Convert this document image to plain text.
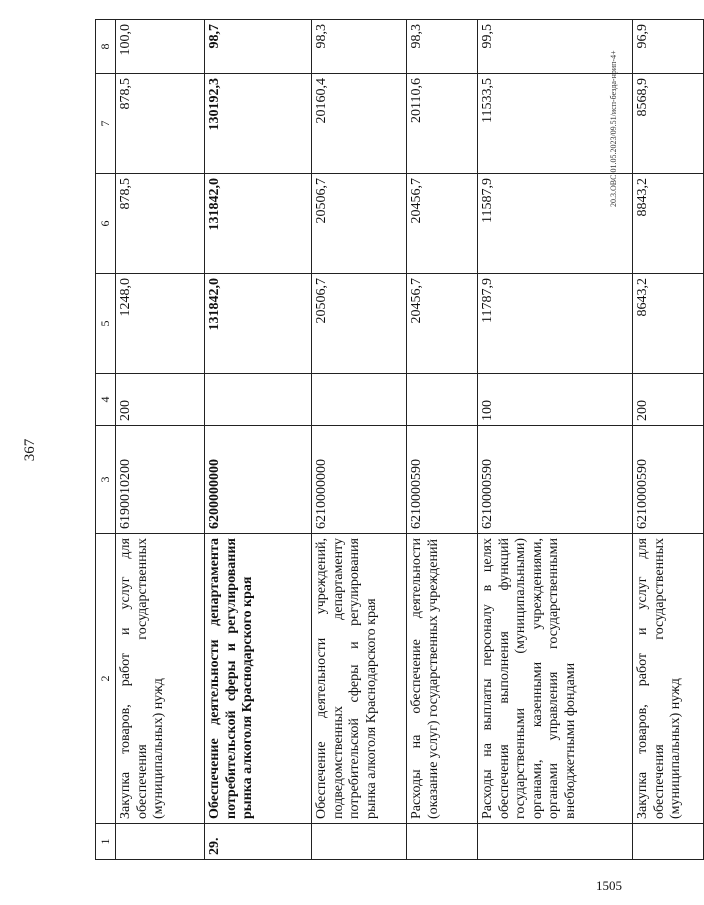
20.3.OBC.01.05.2023/09.51/исп-безда-нрип-4+
1505
367
1	2	3	4	5	6	7	8
	Закупка товаров, работ и услуг для обеспечения государственных (муниципальных) нужд	6190010200	200	1248,0	878,5	878,5	100,0
29.	Обеспечение деятельности департамента потребительской сферы и регулирования рынка алкоголя Краснодарского края	6200000000		131842,0	131842,0	130192,3	98,7
	Обеспечение деятельности учреждений, подведомственных департаменту потребительской сферы и регулирования рынка алкоголя Краснодарского края	6210000000		20506,7	20506,7	20160,4	98,3
	Расходы на обеспечение деятельности (оказание услуг) государственных учреждений	6210000590		20456,7	20456,7	20110,6	98,3
	Расходы на выплаты персоналу в целях обеспечения выполнения функций государственными (муниципальными) органами, казенными учреждениями, органами управления государственными внебюджетными фондами	6210000590	100	11787,9	11587,9	11533,5	99,5
	Закупка товаров, работ и услуг для обеспечения государственных (муниципальных) нужд	6210000590	200	8643,2	8843,2	8568,9	96,9
